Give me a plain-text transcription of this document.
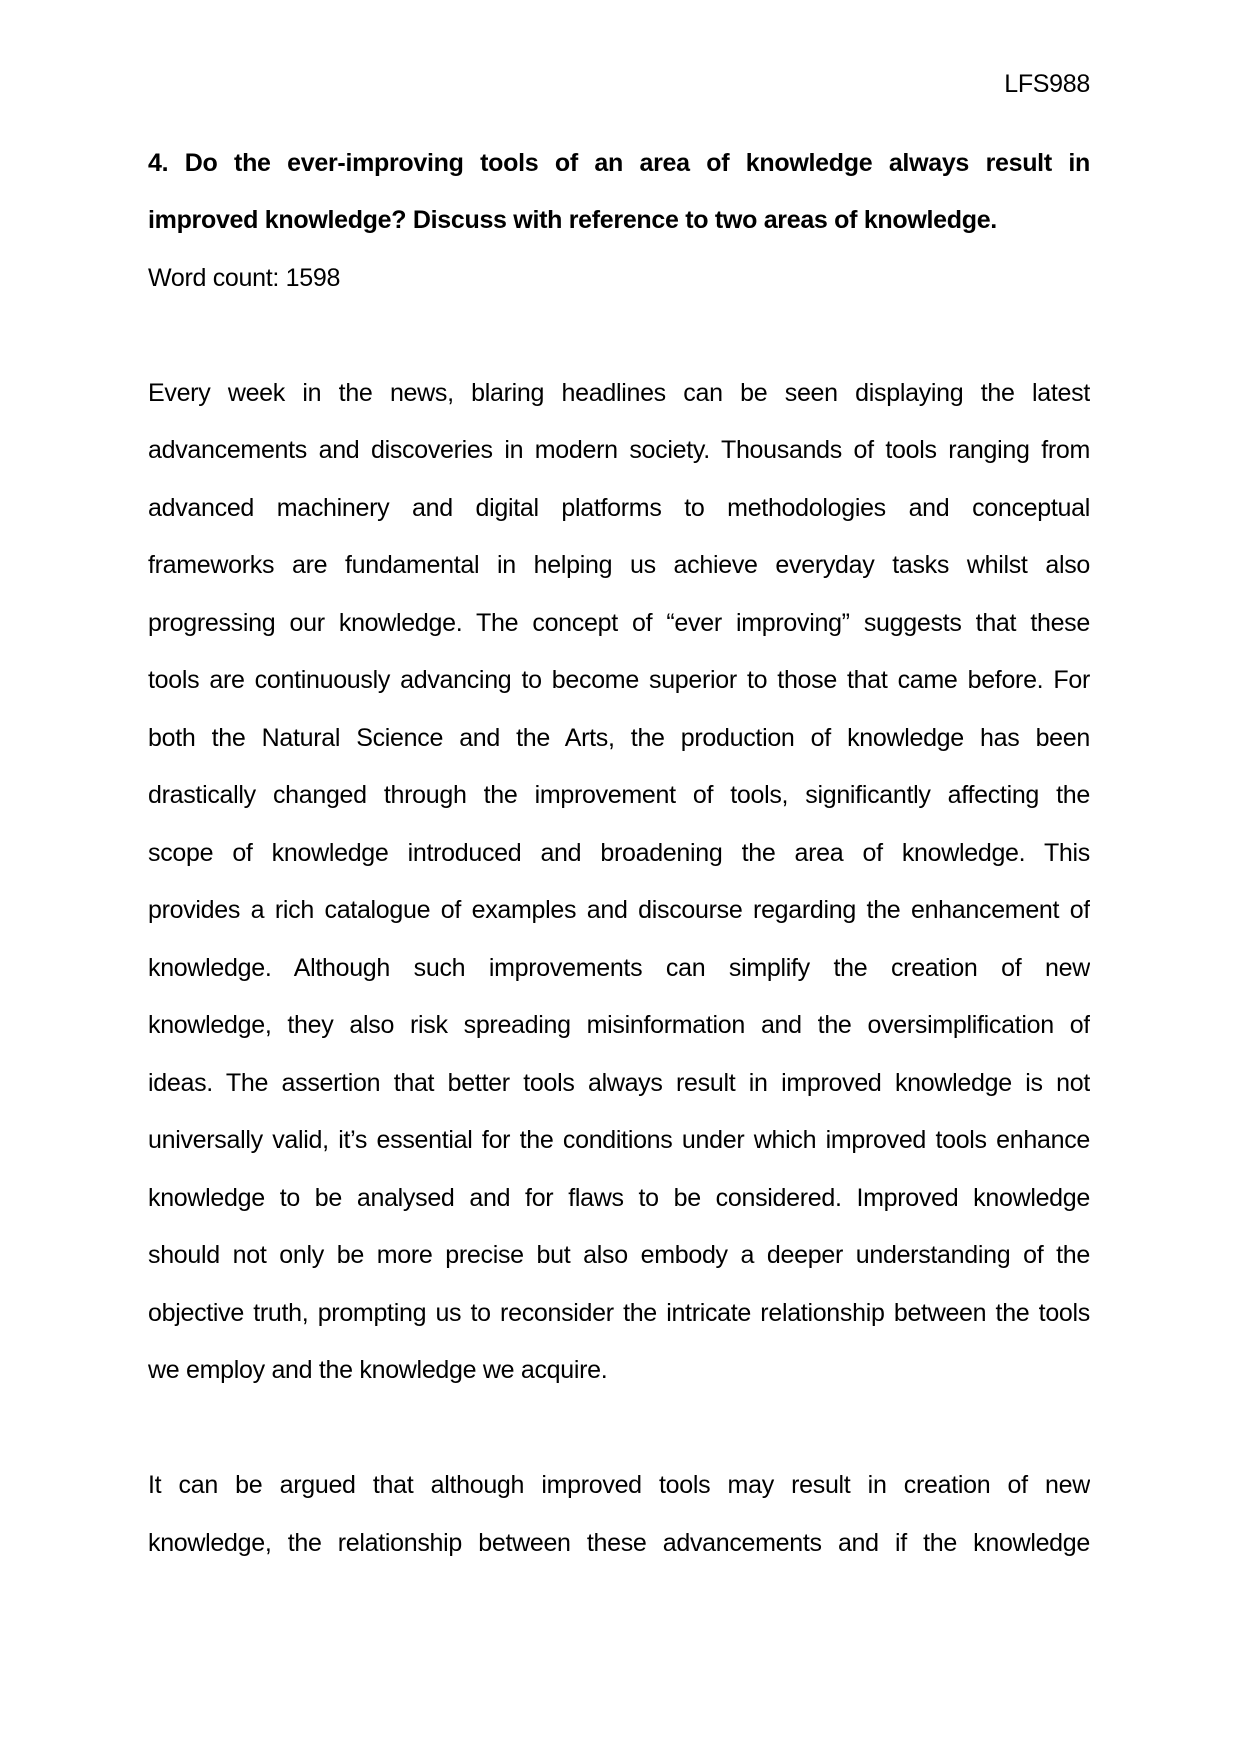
LFS988
4. Do the ever-improving tools of an area of knowledge always result in
improved knowledge? Discuss with reference to two areas of knowledge.
Word count: 1598
Every week in the news, blaring headlines can be seen displaying the latest
advancements and discoveries in modern society. Thousands of tools ranging from
advanced machinery and digital platforms to methodologies and conceptual
frameworks are fundamental in helping us achieve everyday tasks whilst also
progressing our knowledge. The concept of “ever improving” suggests that these
tools are continuously advancing to become superior to those that came before. For
both the Natural Science and the Arts, the production of knowledge has been
drastically changed through the improvement of tools, significantly affecting the
scope of knowledge introduced and broadening the area of knowledge. This
provides a rich catalogue of examples and discourse regarding the enhancement of
knowledge. Although such improvements can simplify the creation of new
knowledge, they also risk spreading misinformation and the oversimplification of
ideas. The assertion that better tools always result in improved knowledge is not
universally valid, it’s essential for the conditions under which improved tools enhance
knowledge to be analysed and for flaws to be considered. Improved knowledge
should not only be more precise but also embody a deeper understanding of the
objective truth, prompting us to reconsider the intricate relationship between the tools
we employ and the knowledge we acquire.
It can be argued that although improved tools may result in creation of new
knowledge, the relationship between these advancements and if the knowledge
